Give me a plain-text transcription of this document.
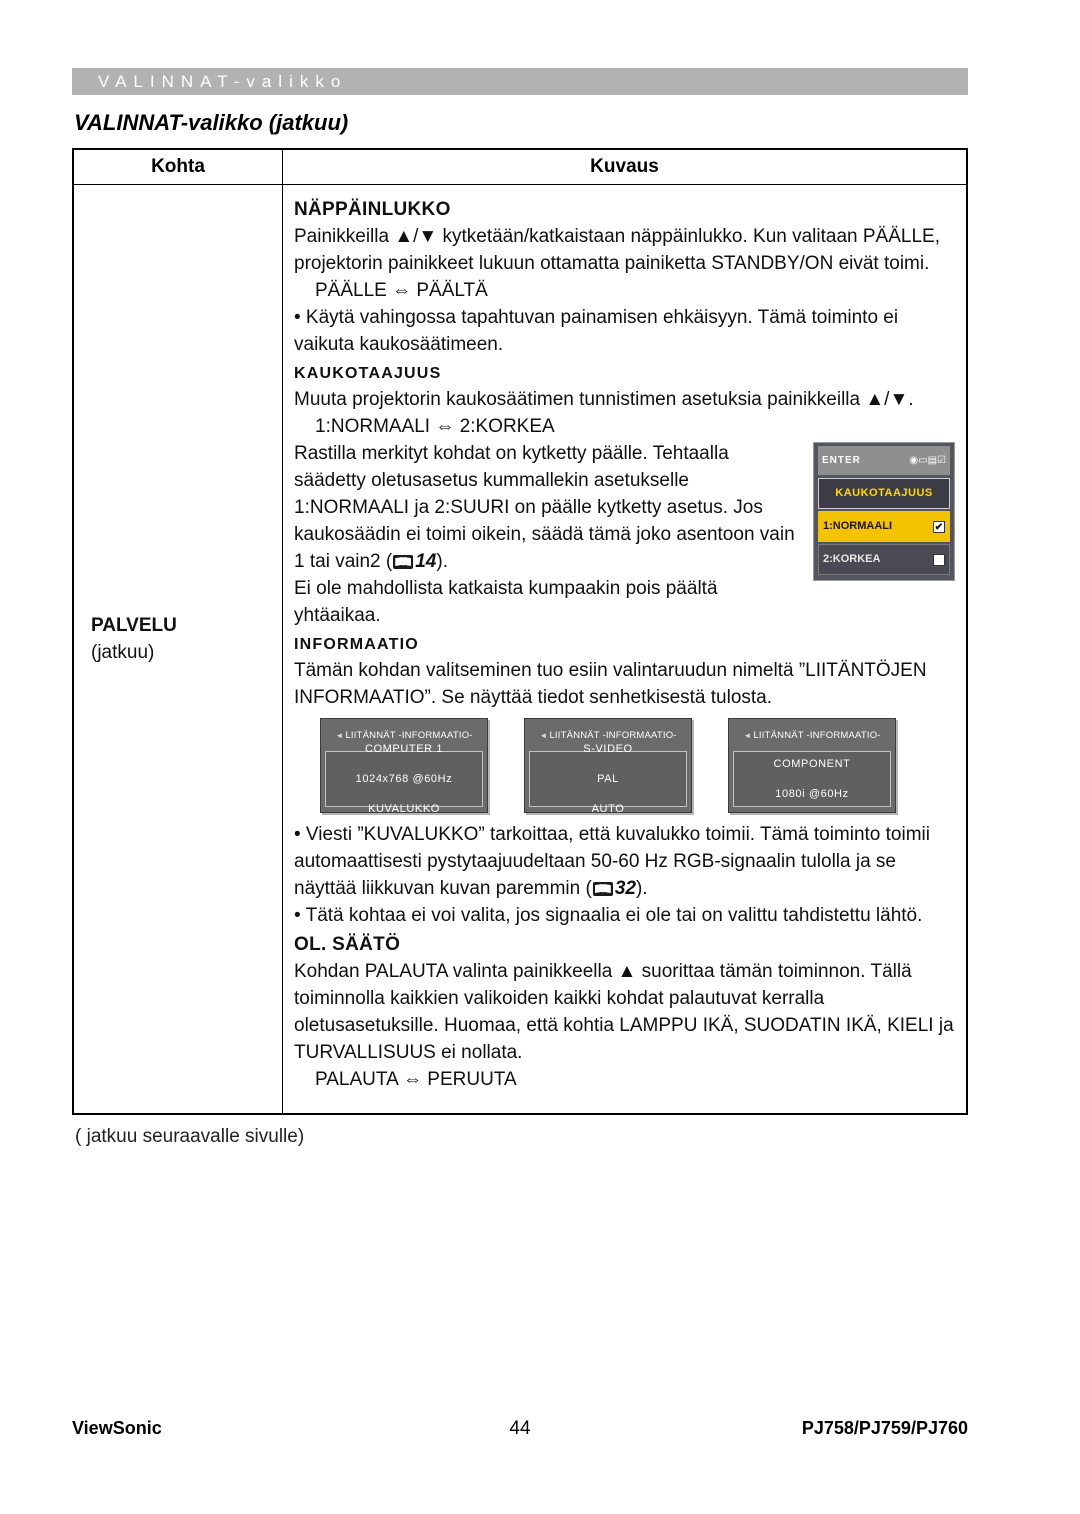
VALINNAT-valikko
VALINNAT-valikko (jatkuu)
Kohta	Kuvaus
PALVELU
(jatkuu)
NÄPPÄINLUKKO

Painikkeilla ▲/▼ kytketään/katkaistaan näppäinlukko. Kun valitaan PÄÄLLE, projektorin painikkeet lukuun ottamatta painiketta STANDBY/ON eivät toimi.

PÄÄLLE ⇔ PÄÄLTÄ

• Käytä vahingossa tapahtuvan painamisen ehkäisyyn. Tämä toiminto ei vaikuta kaukosäätimeen.

KAUKOTAAJUUS

Muuta projektorin kaukosäätimen tunnistimen asetuksia painikkeilla ▲/▼.

1:NORMAALI ⇔ 2:KORKEA

ENTER	◉▭▤☑
KAUKOTAAJUUS
1:NORMAALI	✔
2:KORKEA

Rastilla merkityt kohdat on kytketty päälle. Tehtaalla säädetty oletusasetus kummallekin asetukselle 1:NORMAALI ja 2:SUURI on päälle kytketty asetus. Jos kaukosäädin ei toimi oikein, säädä tämä joko asentoon vain 1 tai vain2 ( 14).

Ei ole mahdollista katkaista kumpaakin pois päältä yhtäaikaa.

INFORMAATIO

Tämän kohdan valitseminen tuo esiin valintaruudun nimeltä ”LIITÄNTÖJEN INFORMAATIO”. Se näyttää tiedot senhetkisestä tulosta.

◄ LIITÄNNÄT -INFORMAATIO-
COMPUTER 1
1024x768 @60Hz
KUVALUKKO
◄ LIITÄNNÄT -INFORMAATIO-
S-VIDEO
PAL
AUTO
◄ LIITÄNNÄT -INFORMAATIO-
COMPONENT
1080i @60Hz

• Viesti ”KUVALUKKO” tarkoittaa, että kuvalukko toimii. Tämä toiminto toimii automaattisesti pystytaajuudeltaan 50-60 Hz RGB-signaalin tulolla ja se näyttää liikkuvan kuvan paremmin ( 32).

• Tätä kohtaa ei voi valita, jos signaalia ei ole tai on valittu tahdistettu lähtö.

OL. SÄÄTÖ

Kohdan PALAUTA valinta painikkeella ▲ suorittaa tämän toiminnon. Tällä toiminnolla kaikkien valikoiden kaikki kohdat palautuvat kerralla oletusasetuksille. Huomaa, että kohtia LAMPPU IKÄ, SUODATIN IKÄ, KIELI ja TURVALLISUUS ei nollata.

PALAUTA ⇔ PERUUTA

( jatkuu seuraavalle sivulle)
ViewSonic	44	PJ758/PJ759/PJ760
